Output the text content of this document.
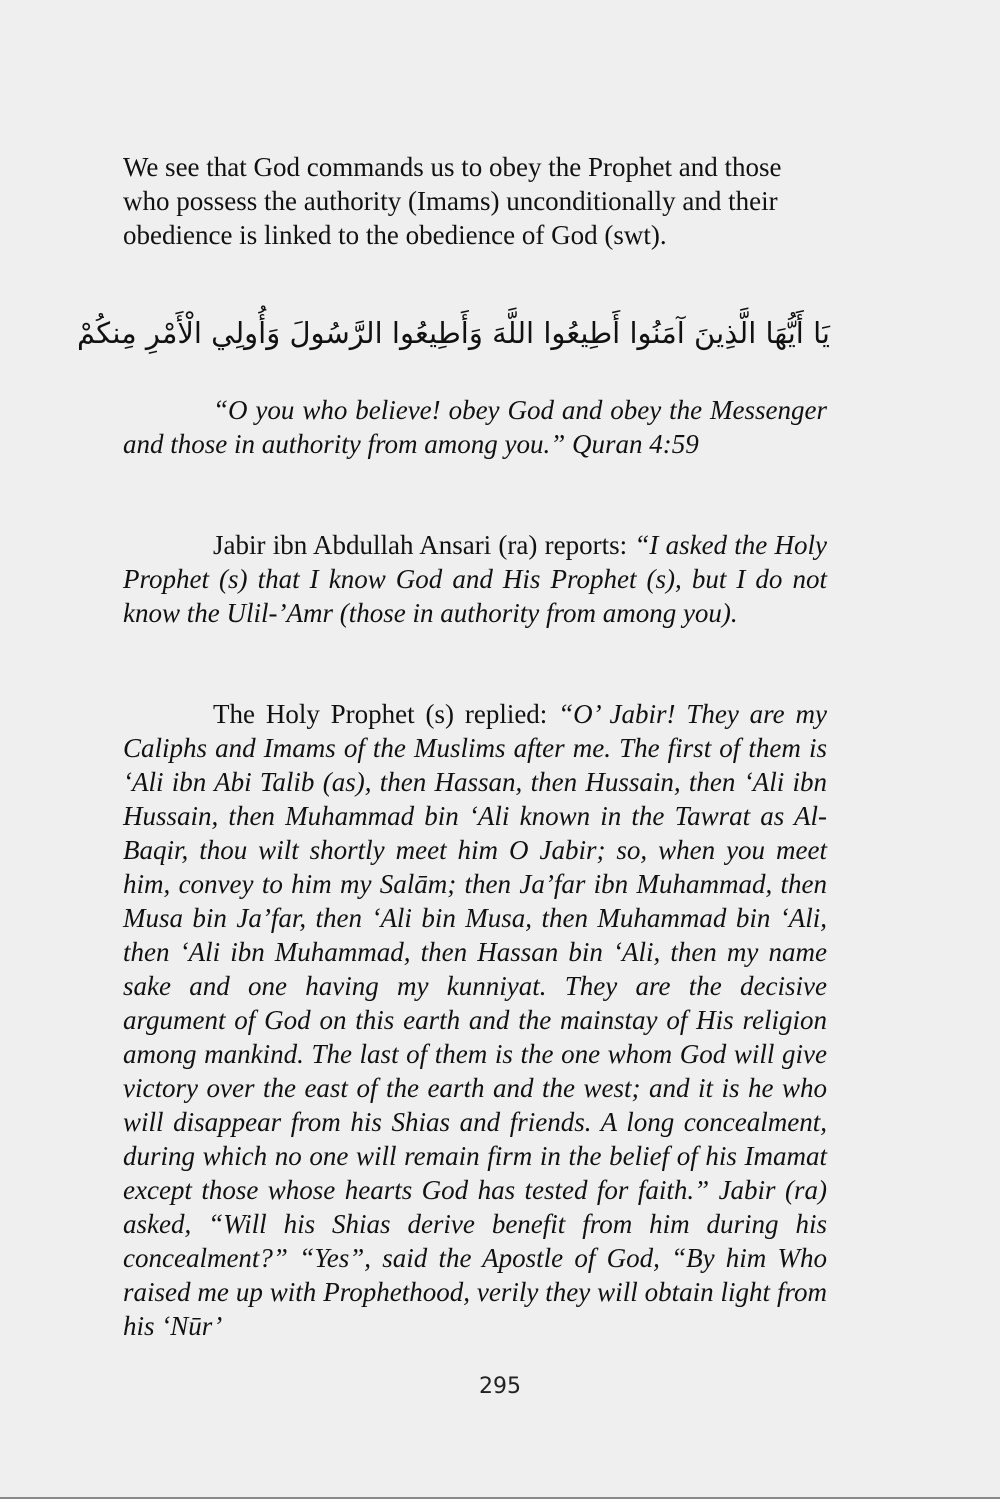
We see that God commands us to obey the Prophet and those who possess the authority (Imams) unconditionally and their obedience is linked to the obedience of God (swt).
يَا أَيُّهَا الَّذِينَ آمَنُوا أَطِيعُوا اللَّهَ وَأَطِيعُوا الرَّسُولَ وَأُولِي الْأَمْرِ مِنكُمْ
“O you who believe! obey God and obey the Messenger and those in authority from among you.” Quran 4:59
Jabir ibn Abdullah Ansari (ra) reports: “I asked the Holy Prophet (s) that I know God and His Prophet (s), but I do not know the Ulil-’Amr (those in authority from among you).
The Holy Prophet (s) replied: “O’ Jabir! They are my Caliphs and Imams of the Muslims after me. The first of them is ‘Ali ibn Abi Talib (as), then Hassan, then Hussain, then ‘Ali ibn Hussain, then Muhammad bin ‘Ali known in the Tawrat as Al-Baqir, thou wilt shortly meet him O Jabir; so, when you meet him, convey to him my Salām; then Ja’far ibn Muhammad, then Musa bin Ja’far, then ‘Ali bin Musa, then Muhammad bin ‘Ali, then ‘Ali ibn Muhammad, then Hassan bin ‘Ali, then my name sake and one having my kunniyat. They are the decisive argument of God on this earth and the mainstay of His religion among mankind. The last of them is the one whom God will give victory over the east of the earth and the west; and it is he who will disappear from his Shias and friends. A long concealment, during which no one will remain firm in the belief of his Imamat except those whose hearts God has tested for faith.” Jabir (ra) asked, “Will his Shias derive benefit from him during his concealment?” “Yes”, said the Apostle of God, “By him Who raised me up with Prophethood, verily they will obtain light from his ‘Nūr’
295
